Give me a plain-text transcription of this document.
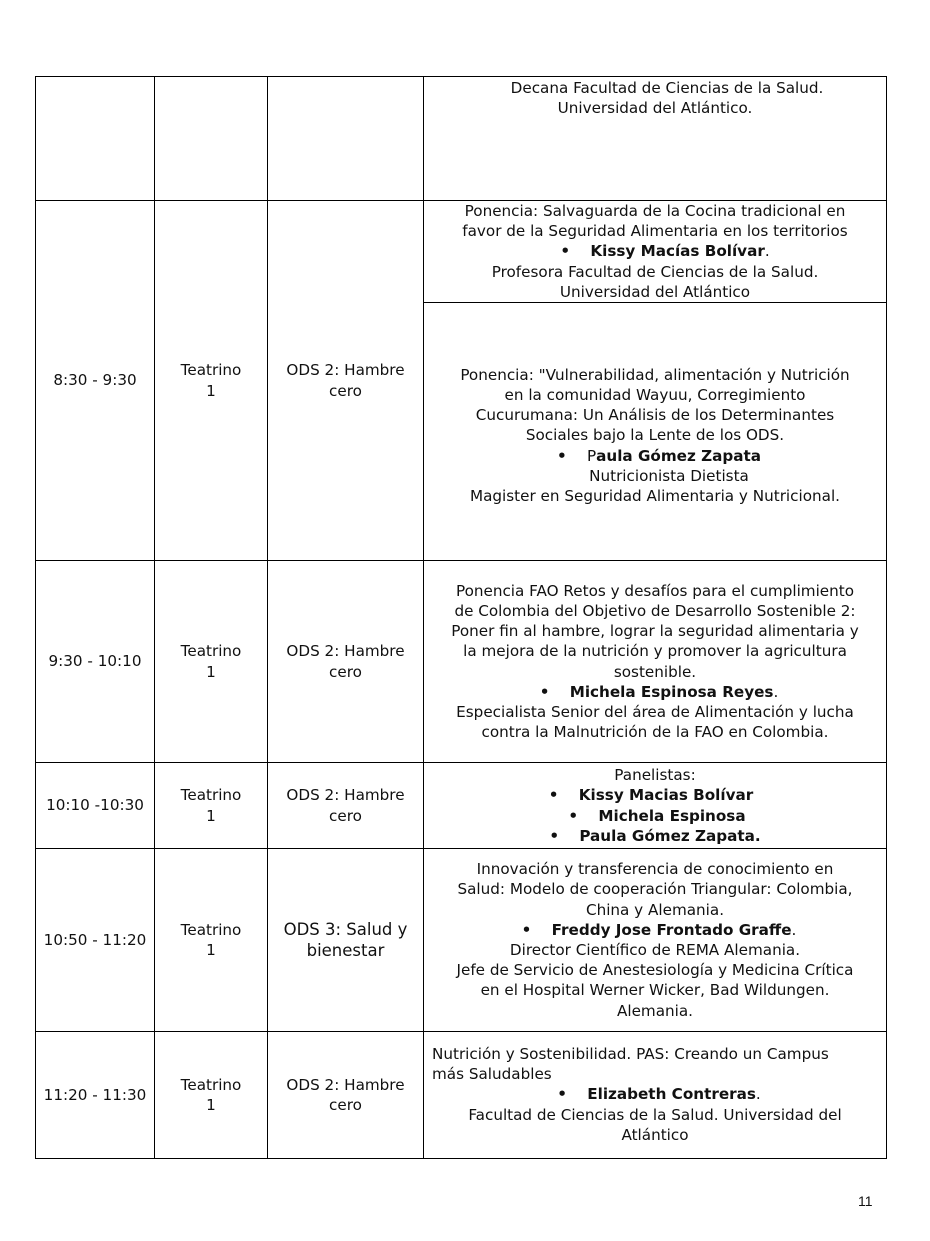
Decana Facultad de Ciencias de la Salud.
Universidad del Atlántico.
8:30 - 9:30
Teatrino
1
ODS 2: Hambre
cero
Ponencia: Salvaguarda de la Cocina tradicional en
favor de la Seguridad Alimentaria en los territorios
• Kissy Macías Bolívar.
Profesora Facultad de Ciencias de la Salud.
Universidad del Atlántico
Ponencia: "Vulnerabilidad, alimentación y Nutrición
en la comunidad Wayuu, Corregimiento
Cucurumana: Un Análisis de los Determinantes
Sociales bajo la Lente de los ODS.
• Paula Gómez Zapata
Nutricionista Dietista
Magister en Seguridad Alimentaria y Nutricional.
9:30 - 10:10
Teatrino
1
ODS 2: Hambre
cero
Ponencia FAO Retos y desafíos para el cumplimiento
de Colombia del Objetivo de Desarrollo Sostenible 2:
Poner fin al hambre, lograr la seguridad alimentaria y
la mejora de la nutrición y promover la agricultura
sostenible.
• Michela Espinosa Reyes.
Especialista Senior del área de Alimentación y lucha
contra la Malnutrición de la FAO en Colombia.
10:10 -10:30
Teatrino
1
ODS 2: Hambre
cero
Panelistas:
• Kissy Macias Bolívar
• Michela Espinosa
• Paula Gómez Zapata.
10:50 - 11:20
Teatrino
1
ODS 3: Salud y
bienestar
Innovación y transferencia de conocimiento en
Salud: Modelo de cooperación Triangular: Colombia,
China y Alemania.
• Freddy Jose Frontado Graffe.
Director Científico de REMA Alemania.
Jefe de Servicio de Anestesiología y Medicina Crítica
en el Hospital Werner Wicker, Bad Wildungen.
Alemania.
11:20 - 11:30
Teatrino
1
ODS 2: Hambre
cero
Nutrición y Sostenibilidad. PAS: Creando un Campus
más Saludables
• Elizabeth Contreras.
Facultad de Ciencias de la Salud. Universidad del
Atlántico
11
